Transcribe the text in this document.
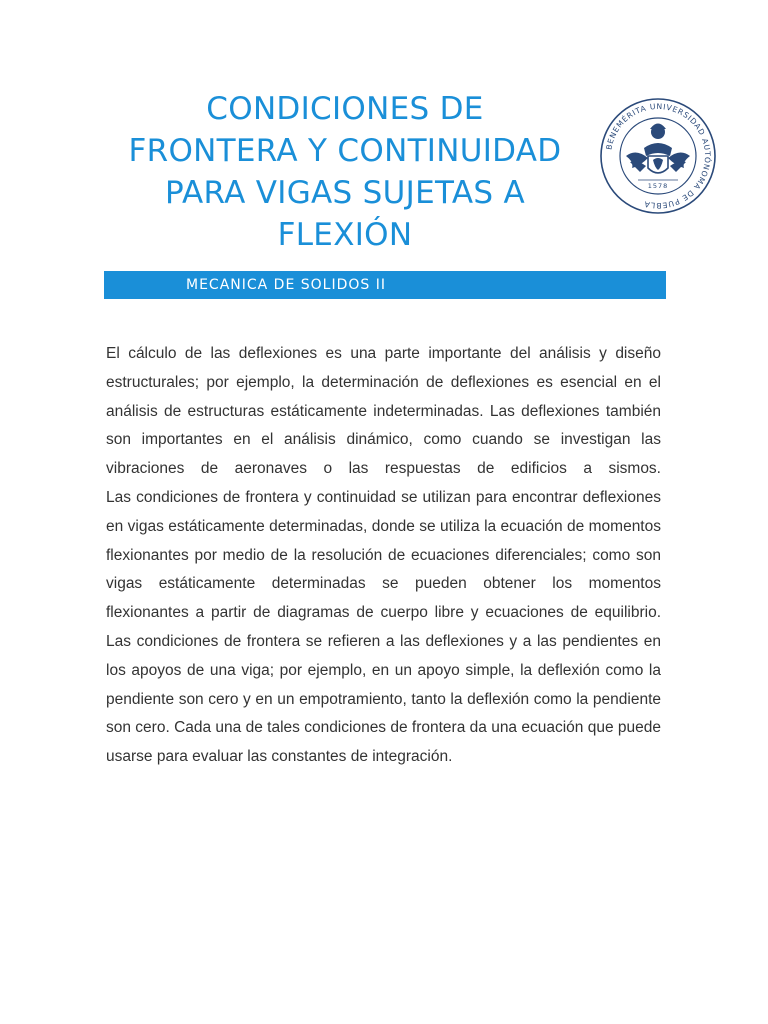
CONDICIONES DE
FRONTERA Y CONTINUIDAD
PARA VIGAS SUJETAS A
FLEXIÓN
BENEMÉRITA UNIVERSIDAD AUTÓNOMA DE PUEBLA
1578
MECANICA DE SOLIDOS II

El cálculo de las deflexiones es una parte importante del análisis y diseño estructurales; por ejemplo, la determinación de deflexiones es esencial en el análisis de estructuras estáticamente indeterminadas. Las deflexiones también son importantes en el análisis dinámico, como cuando se investigan las vibraciones de aeronaves o las respuestas de edificios a sismos.

Las condiciones de frontera y continuidad se utilizan para encontrar deflexiones en vigas estáticamente determinadas, donde se utiliza la ecuación de momentos flexionantes por medio de la resolución de ecuaciones diferenciales; como son vigas estáticamente determinadas se pueden obtener los momentos flexionantes a partir de diagramas de cuerpo libre y ecuaciones de equilibrio.

Las condiciones de frontera se refieren a las deflexiones y a las pendientes en los apoyos de una viga; por ejemplo, en un apoyo simple, la deflexión como la pendiente son cero y en un empotramiento, tanto la deflexión como la pendiente son cero. Cada una de tales condiciones de frontera da una ecuación que puede usarse para evaluar las constantes de integración.
